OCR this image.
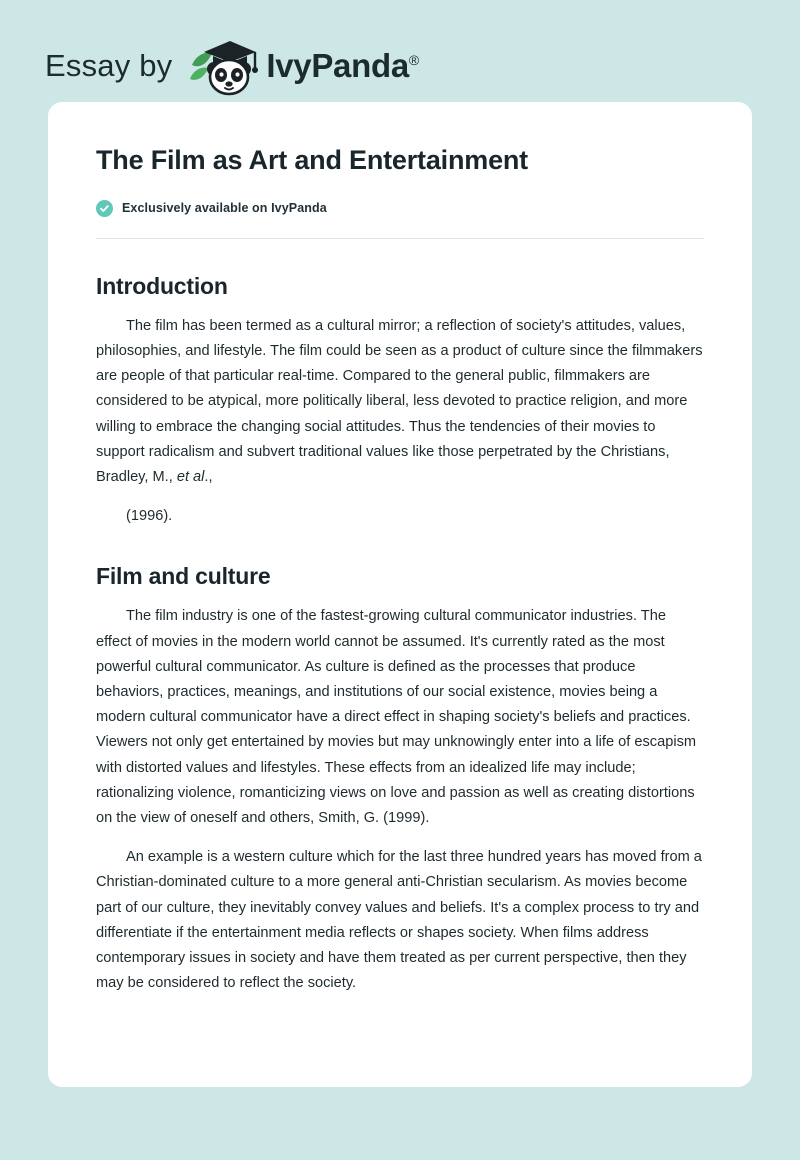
Essay by	IvyPanda®
The Film as Art and Entertainment
Exclusively available on IvyPanda
Introduction

The film has been termed as a cultural mirror; a reflection of society's attitudes, values, philosophies, and lifestyle. The film could be seen as a product of culture since the filmmakers are people of that particular real-time. Compared to the general public, filmmakers are considered to be atypical, more politically liberal, less devoted to practice religion, and more willing to embrace the changing social attitudes. Thus the tendencies of their movies to support radicalism and subvert traditional values like those perpetrated by the Christians, Bradley, M., et al.,

(1996).

Film and culture

The film industry is one of the fastest-growing cultural communicator industries. The effect of movies in the modern world cannot be assumed. It's currently rated as the most powerful cultural communicator. As culture is defined as the processes that produce behaviors, practices, meanings, and institutions of our social existence, movies being a modern cultural communicator have a direct effect in shaping society's beliefs and practices. Viewers not only get entertained by movies but may unknowingly enter into a life of escapism with distorted values and lifestyles. These effects from an idealized life may include; rationalizing violence, romanticizing views on love and passion as well as creating distortions on the view of oneself and others, Smith, G. (1999).

An example is a western culture which for the last three hundred years has moved from a Christian-dominated culture to a more general anti-Christian secularism. As movies become part of our culture, they inevitably convey values and beliefs. It's a complex process to try and differentiate if the entertainment media reflects or shapes society. When films address contemporary issues in society and have them treated as per current perspective, then they may be considered to reflect the society.
